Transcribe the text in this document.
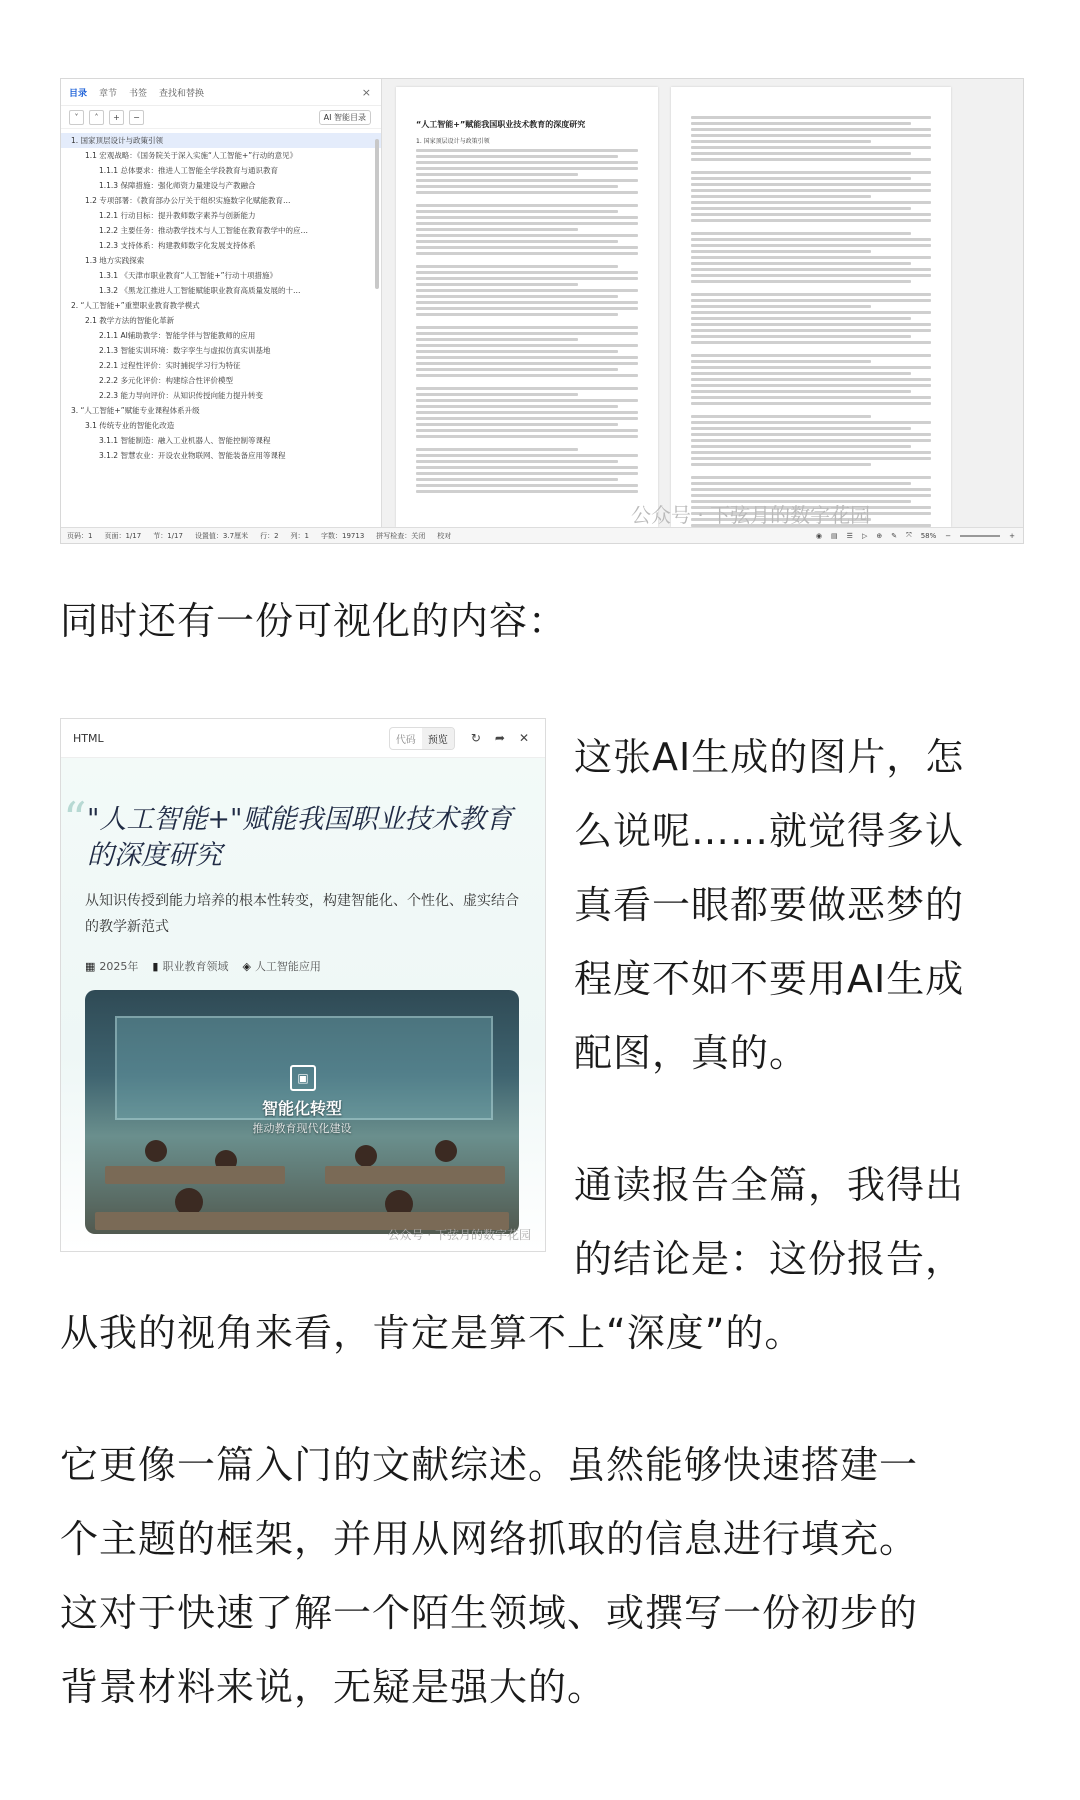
目录 章节 书签 查找和替换	×
˅	˄	+	−	AI 智能目录
1. 国家顶层设计与政策引领
1.1 宏观战略：《国务院关于深入实施“人工智能+”行动的意见》
1.1.1 总体要求：推进人工智能全学段教育与通识教育
1.1.3 保障措施：强化师资力量建设与产教融合
1.2 专项部署：《教育部办公厅关于组织实施数字化赋能教育…
1.2.1 行动目标：提升教师数字素养与创新能力
1.2.2 主要任务：推动教学技术与人工智能在教育教学中的应…
1.2.3 支持体系：构建教师数字化发展支持体系
1.3 地方实践探索
1.3.1 《天津市职业教育“人工智能+”行动十项措施》
1.3.2 《黑龙江推进人工智能赋能职业教育高质量发展的十…
2. “人工智能+”重塑职业教育教学模式
2.1 教学方法的智能化革新
2.1.1 AI辅助教学：智能学伴与智能教师的应用
2.1.3 智能实训环境：数字孪生与虚拟仿真实训基地
2.2.1 过程性评价：实时捕捉学习行为特征
2.2.2 多元化评价：构建综合性评价模型
2.2.3 能力导向评价：从知识传授向能力提升转变
3. “人工智能+”赋能专业课程体系升级
3.1 传统专业的智能化改造
3.1.1 智能制造：融入工业机器人、智能控制等课程
3.1.2 智慧农业：开设农业物联网、智能装备应用等课程
“人工智能+”赋能我国职业技术教育的深度研究
1. 国家顶层设计与政策引领
公众号 · 下弦月的数字花园
页码：1 页面：1/17 节：1/17 设置值：3.7厘米 行：2 列：1 字数：19713 拼写检查：关闭 校对	◉ ▤ ☰ ▷ ⊕ ✎ ⤧ 58% −	+
同时还有一份可视化的内容：
HTML	代码	预览	↻ ➦ ✕
“ "人工智能+"赋能我国职业技术教育的深度研究
从知识传授到能力培养的根本性转变，构建智能化、个性化、虚实结合的教学新范式
▦ 2025年 ▮ 职业教育领域 ◈ 人工智能应用
▣
智能化转型
推动教育现代化建设
公众号 · 下弦月的数字花园
这张AI生成的图片，怎
么说呢……就觉得多认
真看一眼都要做恶梦的
程度不如不要用AI生成
配图，真的。
通读报告全篇，我得出
的结论是：这份报告，
从我的视角来看，肯定是算不上“深度”的。
它更像一篇入门的文献综述。虽然能够快速搭建一
个主题的框架，并用从网络抓取的信息进行填充。
这对于快速了解一个陌生领域、或撰写一份初步的
背景材料来说，无疑是强大的。
